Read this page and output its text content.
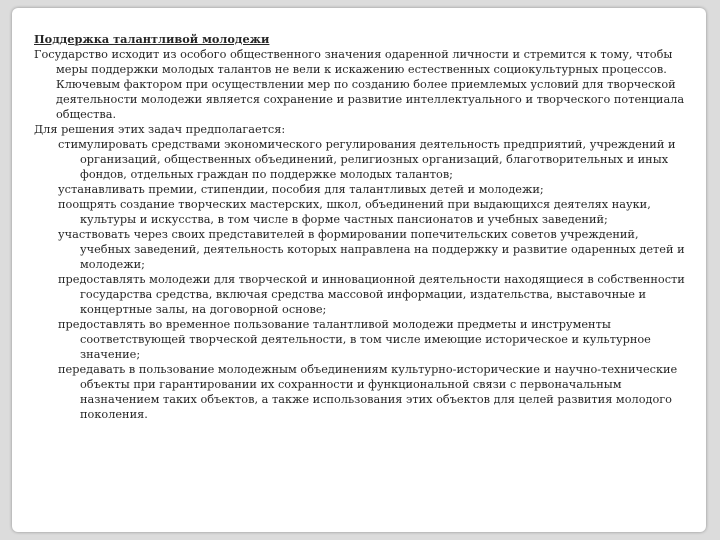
Поддержка талантливой молодежи

Государство исходит из особого общественного значения одаренной личности и стремится к тому, чтобы меры поддержки молодых талантов не вели к искажению естественных социокультурных процессов. Ключевым фактором при осуществлении мер по созданию более приемлемых условий для творческой деятельности молодежи является сохранение и развитие интеллектуального и творческого потенциала общества.

Для решения этих задач предполагается:

стимулировать средствами экономического регулирования деятельность предприятий, учреждений и организаций, общественных объединений, религиозных организаций, благотворительных и иных фондов, отдельных граждан по поддержке молодых талантов;

устанавливать премии, стипендии, пособия для талантливых детей и молодежи;

поощрять создание творческих мастерских, школ, объединений при выдающихся деятелях науки, культуры и искусства, в том числе в форме частных пансионатов и учебных заведений;

участвовать через своих представителей в формировании попечительских советов учреждений, учебных заведений, деятельность которых направлена на поддержку и развитие одаренных детей и молодежи;

предоставлять молодежи для творческой и инновационной деятельности находящиеся в собственности государства средства, включая средства массовой информации, издательства, выставочные и концертные залы, на договорной основе;

предоставлять во временное пользование талантливой молодежи предметы и инструменты соответствующей творческой деятельности, в том числе имеющие историческое и культурное значение;

передавать в пользование молодежным объединениям культурно-исторические и научно-технические объекты при гарантировании их сохранности и функциональной связи с первоначальным назначением таких объектов, а также использования этих объектов для целей развития молодого поколения.
